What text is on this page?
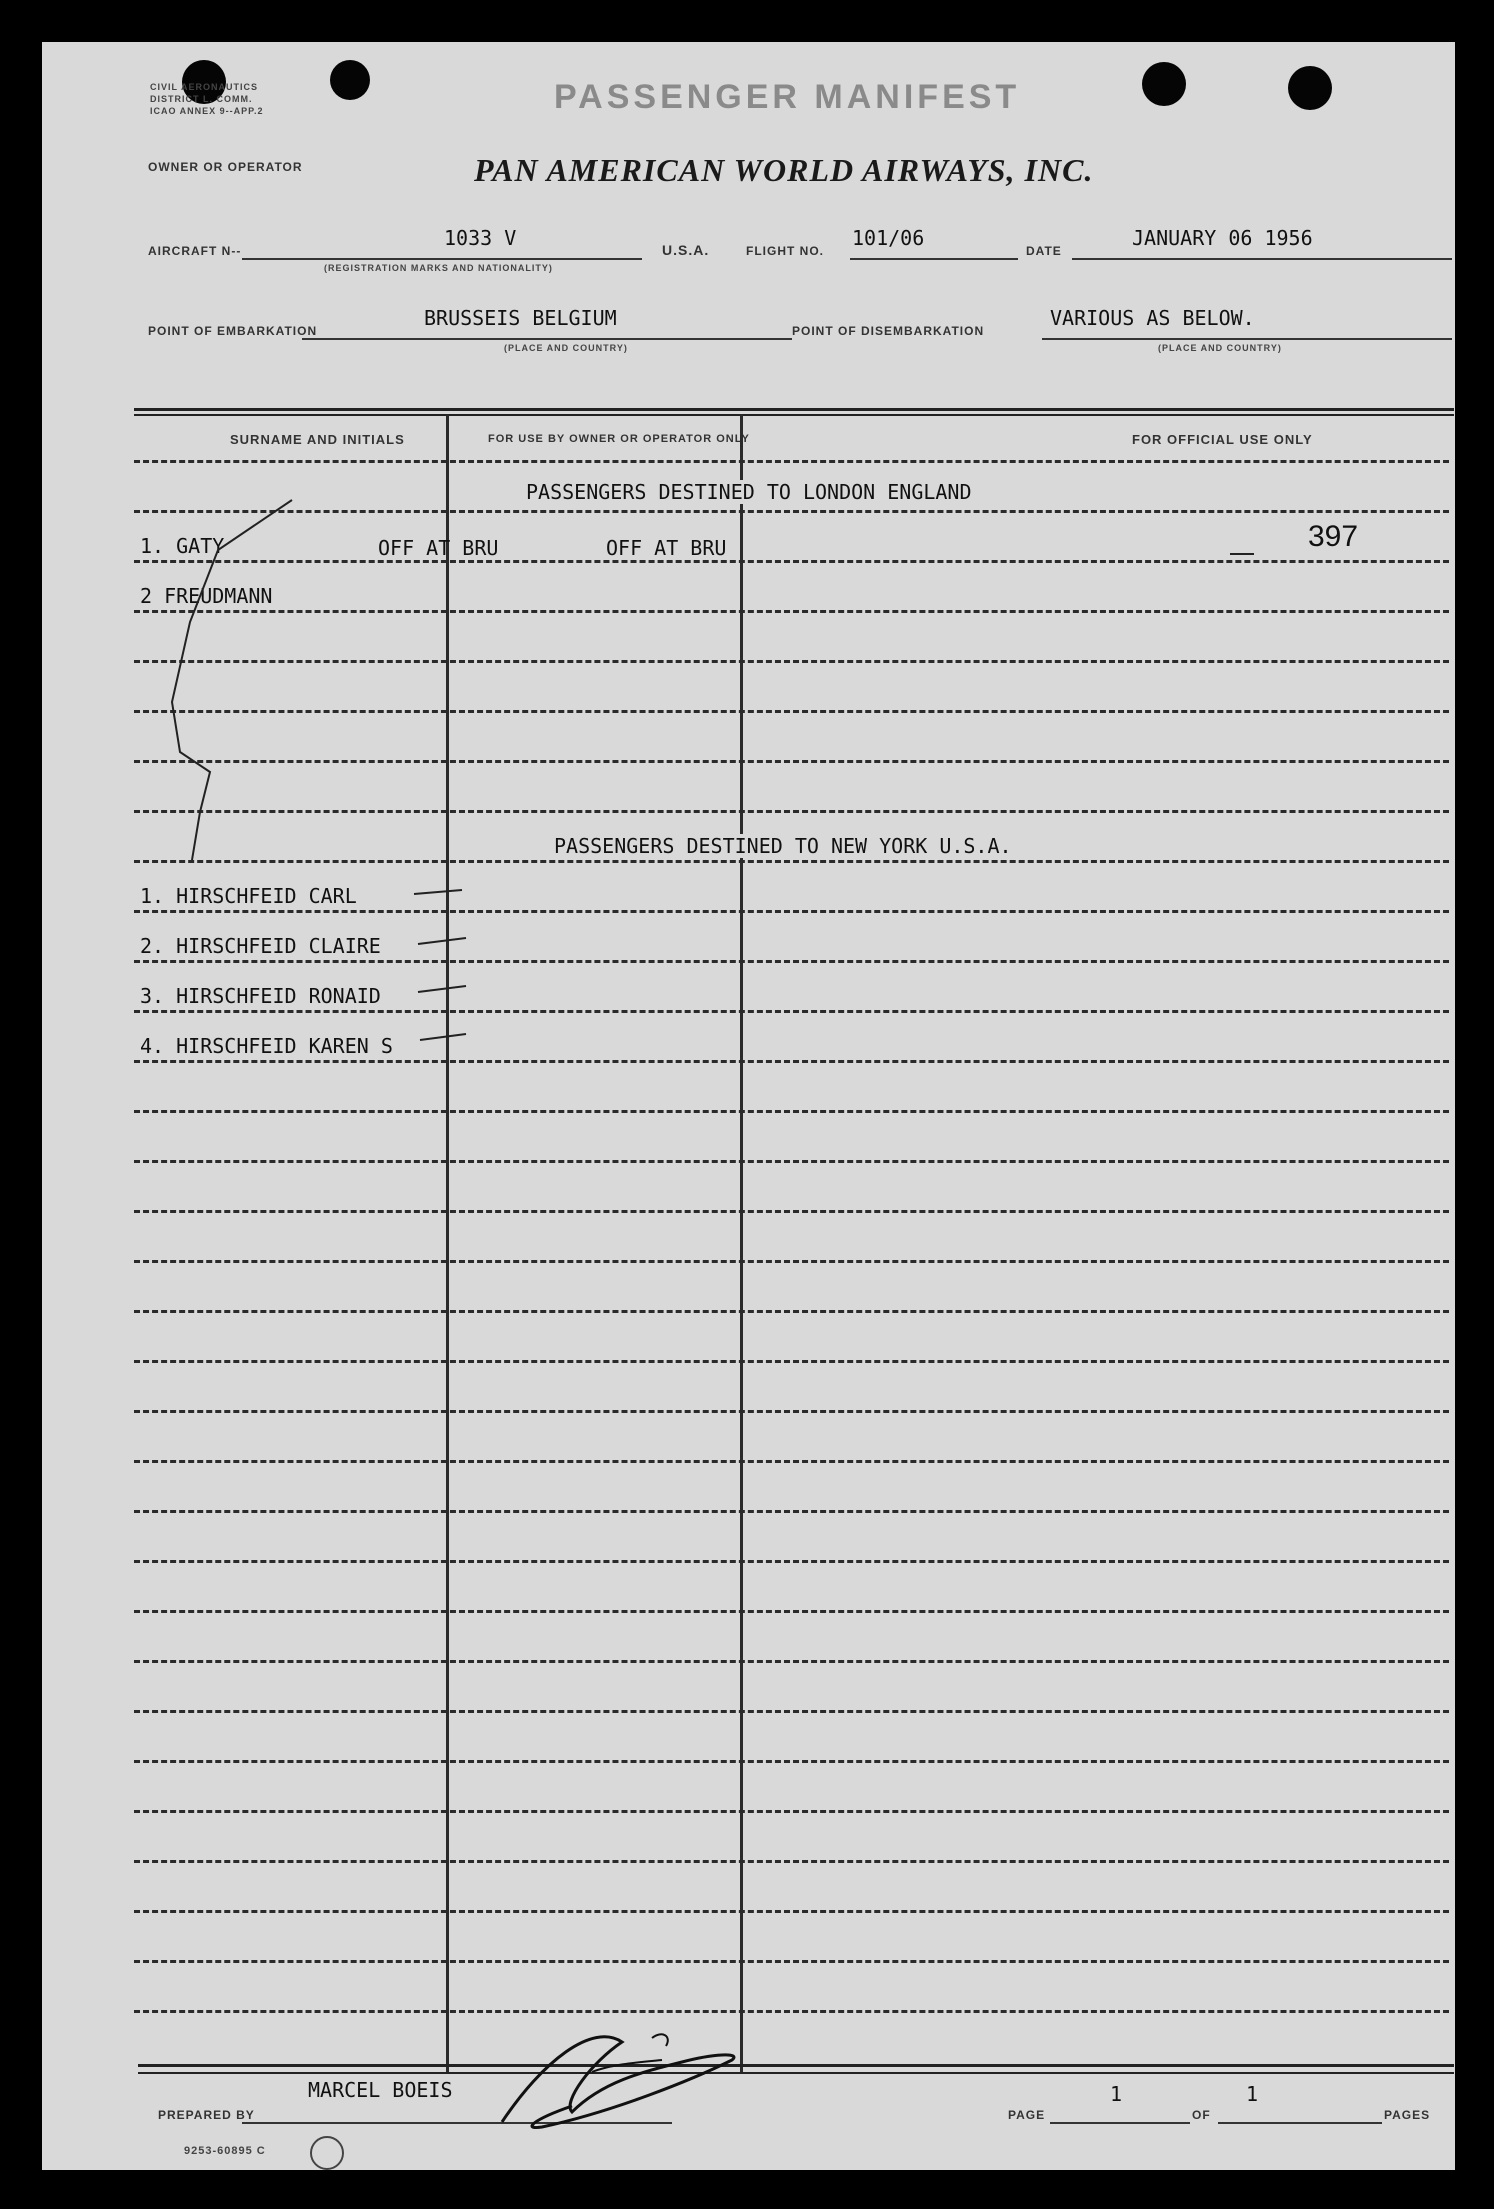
CIVIL AERONAUTICS
DISTRICT L. COMM.
ICAO ANNEX 9--APP.2	PASSENGER MANIFEST
OWNER OR OPERATOR	PAN AMERICAN WORLD AIRWAYS, INC.
AIRCRAFT N--
1033 V
(REGISTRATION MARKS AND NATIONALITY)
U.S.A.	FLIGHT NO.
101/06
DATE
JANUARY 06 1956
POINT OF EMBARKATION
BRUSSEIS BELGIUM
(PLACE AND COUNTRY)
POINT OF DISEMBARKATION
VARIOUS AS BELOW.
(PLACE AND COUNTRY)
SURNAME AND INITIALS	FOR USE BY OWNER OR OPERATOR ONLY	FOR OFFICIAL USE ONLY
PASSENGERS DESTINED TO LONDON ENGLAND
1. GATY	OFF AT BRU	OFF AT BRU	397
2 FREUDMANN
PASSENGERS DESTINED TO NEW YORK U.S.A.
1. HIRSCHFEID CARL
2. HIRSCHFEID CLAIRE
3. HIRSCHFEID RONAID
4. HIRSCHFEID KAREN S
PREPARED BY
MARCEL BOEIS
PAGE
1
OF
1
PAGES
9253-60895 C
